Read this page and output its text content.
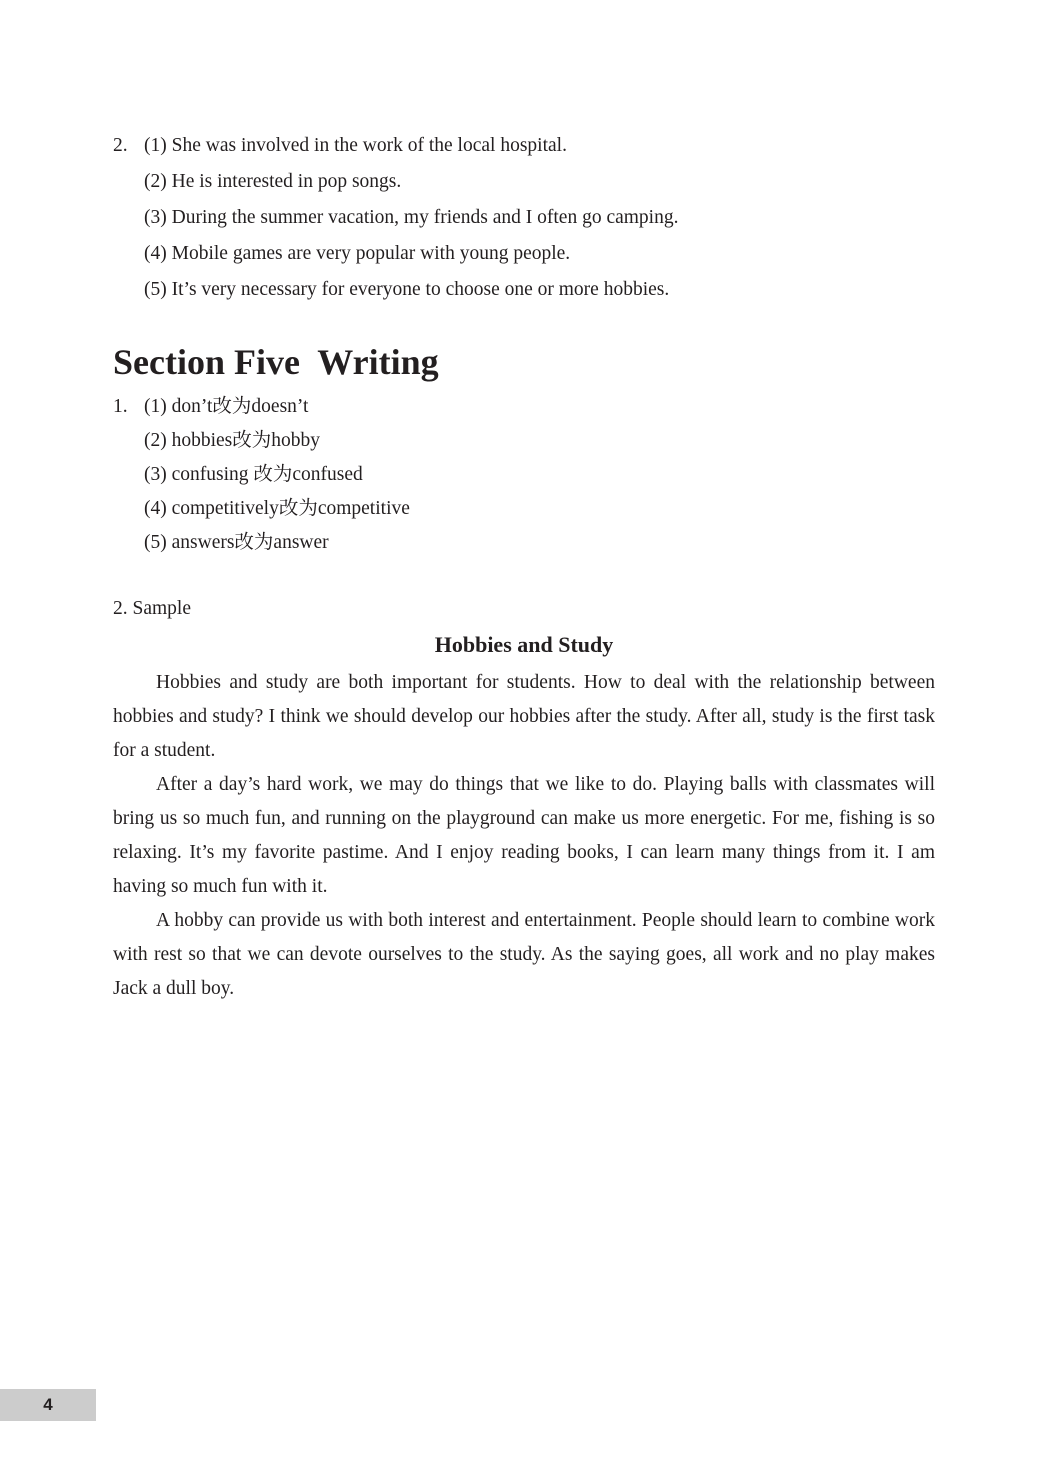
2. (1) She was involved in the work of the local hospital.
(2) He is interested in pop songs.
(3) During the summer vacation, my friends and I often go camping.
(4) Mobile games are very popular with young people.
(5) It’s very necessary for everyone to choose one or more hobbies.
Section Five  Writing
1. (1) don’t改为doesn’t
(2) hobbies改为hobby
(3) confusing 改为confused
(4) competitively改为competitive
(5) answers改为answer
2. Sample
Hobbies and Study

Hobbies and study are both important for students. How to deal with the relationship between hobbies and study? I think we should develop our hobbies after the study. After all, study is the first task for a student.

After a day’s hard work, we may do things that we like to do. Playing balls with classmates will bring us so much fun, and running on the playground can make us more energetic. For me, fishing is so relaxing. It’s my favorite pastime. And I enjoy reading books, I can learn many things from it. I am having so much fun with it.

A hobby can provide us with both interest and entertainment. People should learn to combine work with rest so that we can devote ourselves to the study. As the saying goes, all work and no play makes Jack a dull boy.

4
